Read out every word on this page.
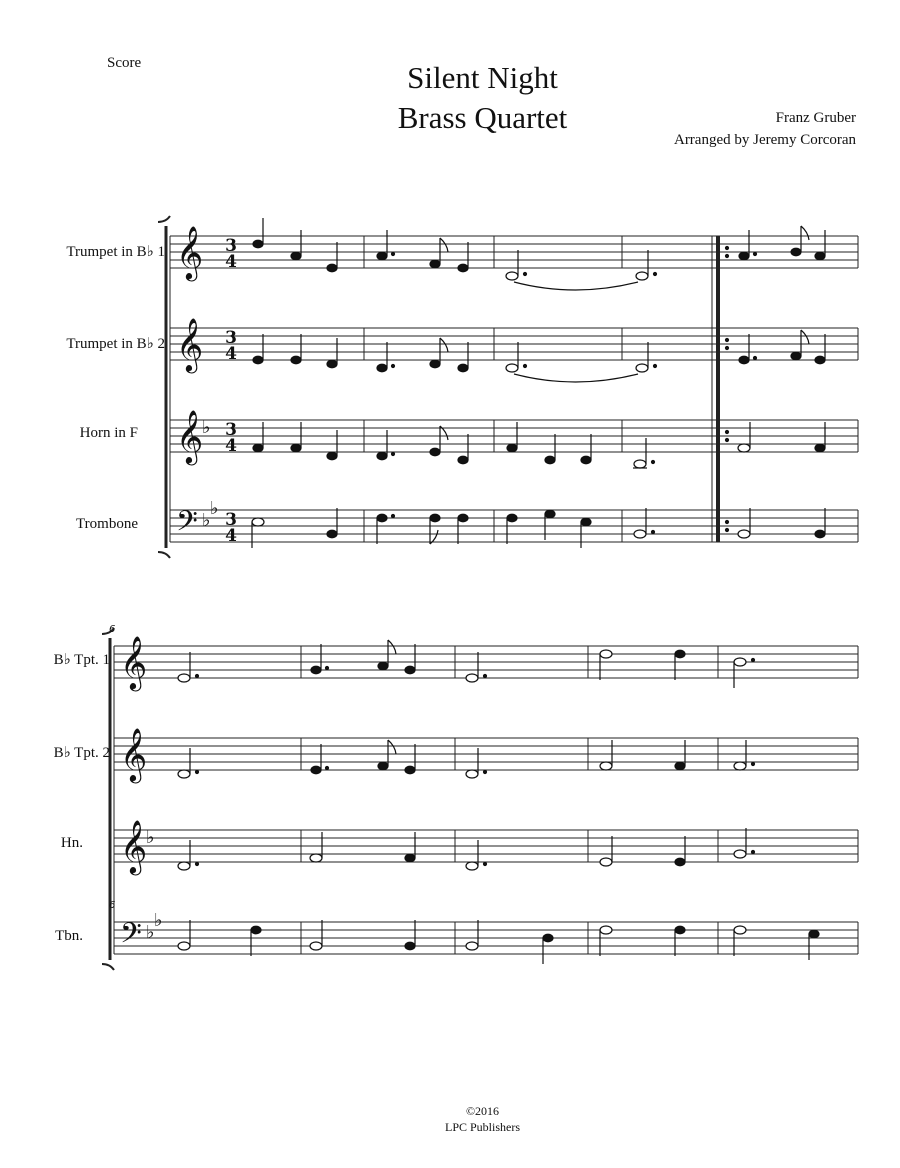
Score	Silent Night
Brass Quartet	Franz Gruber
Arranged by Jeremy Corcoran
Trumpet in B♭ 1
Trumpet in B♭ 2
Horn in F
Trombone
B♭ Tpt. 1
B♭ Tpt. 2
Hn.
Tbn.
𝄞
𝄞
𝄞
𝄢
♭
♭
♭
3
4
3
4
3
4
3
4
6
6
𝄞
𝄞
𝄞
𝄢
♭
♭
♭
©2016
LPC Publishers
